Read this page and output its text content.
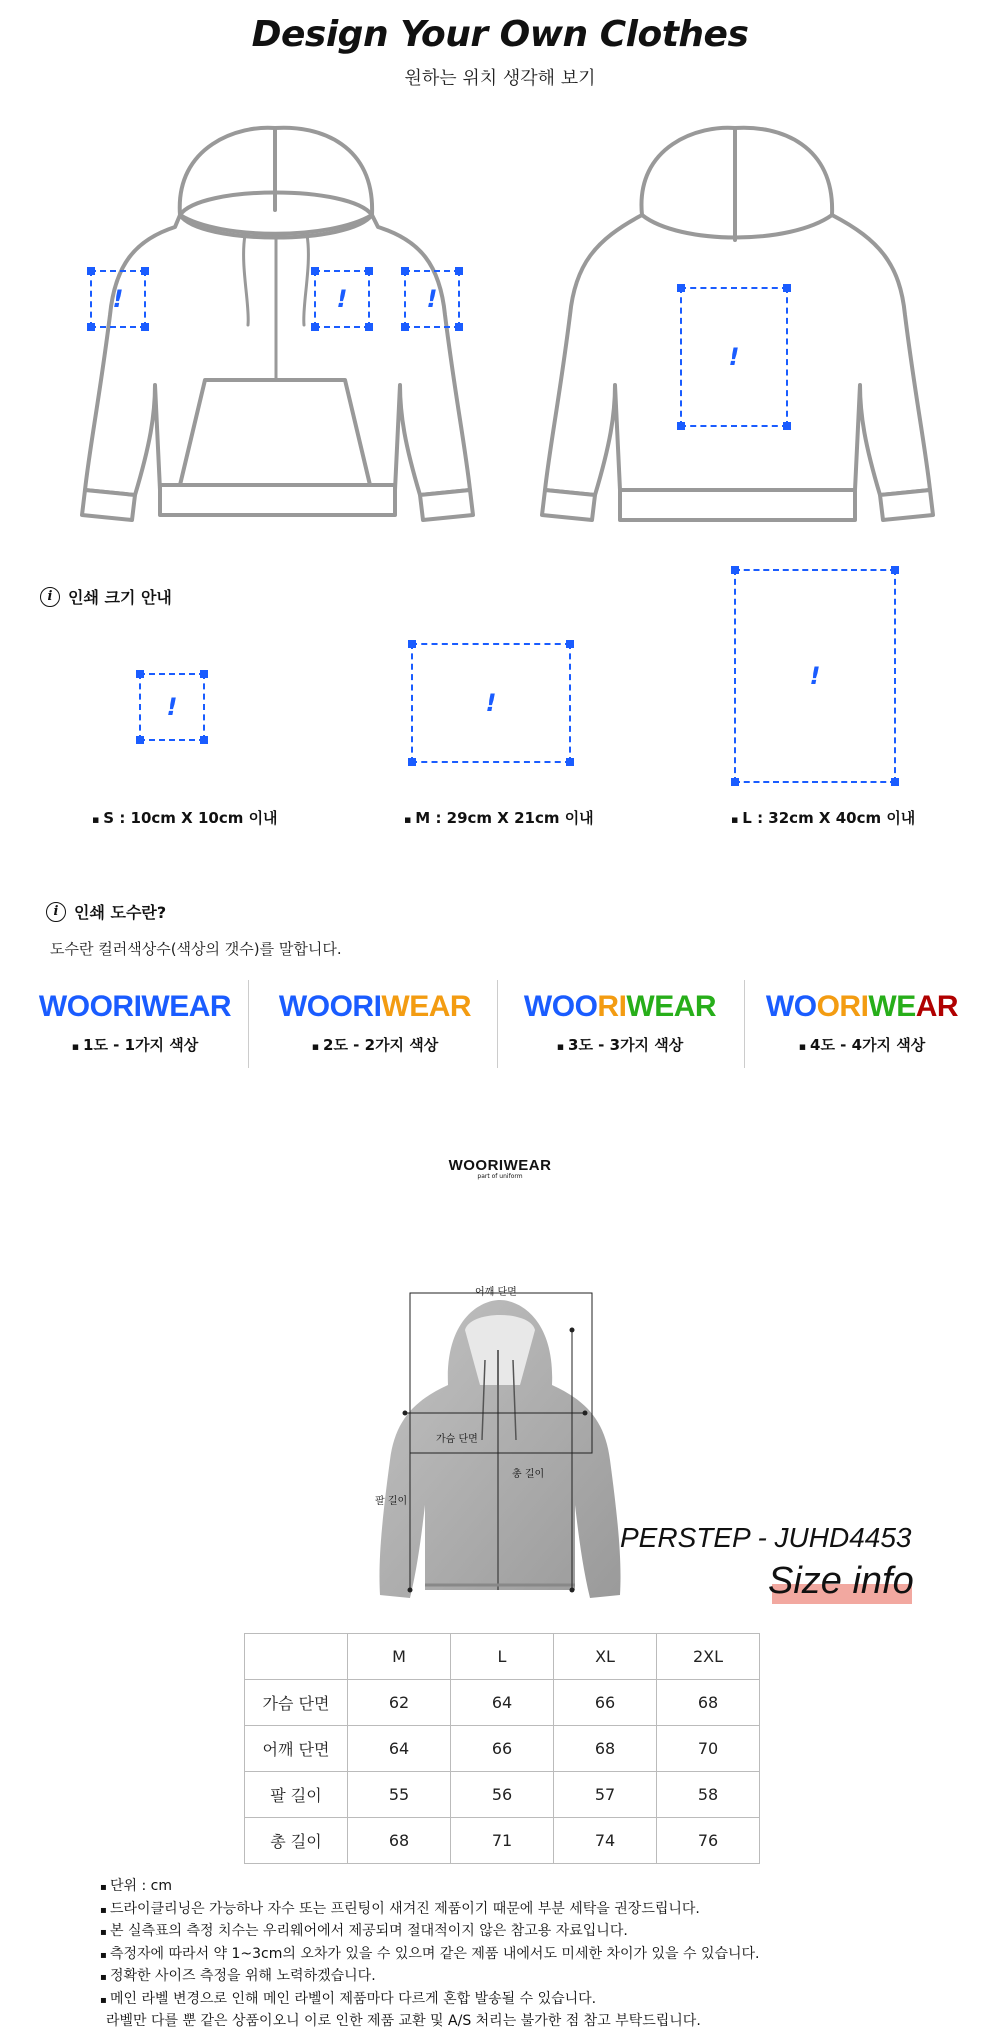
Design Your Own Clothes
원하는 위치 생각해 보기
!	!	!
!
i 인쇄 크기 안내
!	!
!
▪ S : 10cm X 10cm 이내	▪ M : 29cm X 21cm 이내	▪ L : 32cm X 40cm 이내
i 인쇄 도수란?
도수란 컬러색상수(색상의 갯수)를 말합니다.
WOORIWEAR
▪ 1도 - 1가지 색상
WOORIWEAR
▪ 2도 - 2가지 색상
WOORIWEAR
▪ 3도 - 3가지 색상
WOORIWEAR
▪ 4도 - 4가지 색상
WOORIWEAR
part of uniform
어깨 단면
가슴 단면
총 길이
팔 길이
PERSTEP - JUHD4453
Size info
	M	L	XL	2XL
가슴 단면	62	64	66	68
어깨 단면	64	66	68	70
팔 길이	55	56	57	58
총 길이	68	71	74	76
▪ 단위 : cm
▪ 드라이클리닝은 가능하나 자수 또는 프린팅이 새겨진 제품이기 때문에 부분 세탁을 권장드립니다.
▪ 본 실측표의 측정 치수는 우리웨어에서 제공되며 절대적이지 않은 참고용 자료입니다.
▪ 측정자에 따라서 약 1~3cm의 오차가 있을 수 있으며 같은 제품 내에서도 미세한 차이가 있을 수 있습니다.
▪ 정확한 사이즈 측정을 위해 노력하겠습니다.
▪ 메인 라벨 변경으로 인해 메인 라벨이 제품마다 다르게 혼합 발송될 수 있습니다.
라벨만 다를 뿐 같은 상품이오니 이로 인한 제품 교환 및 A/S 처리는 불가한 점 참고 부탁드립니다.
